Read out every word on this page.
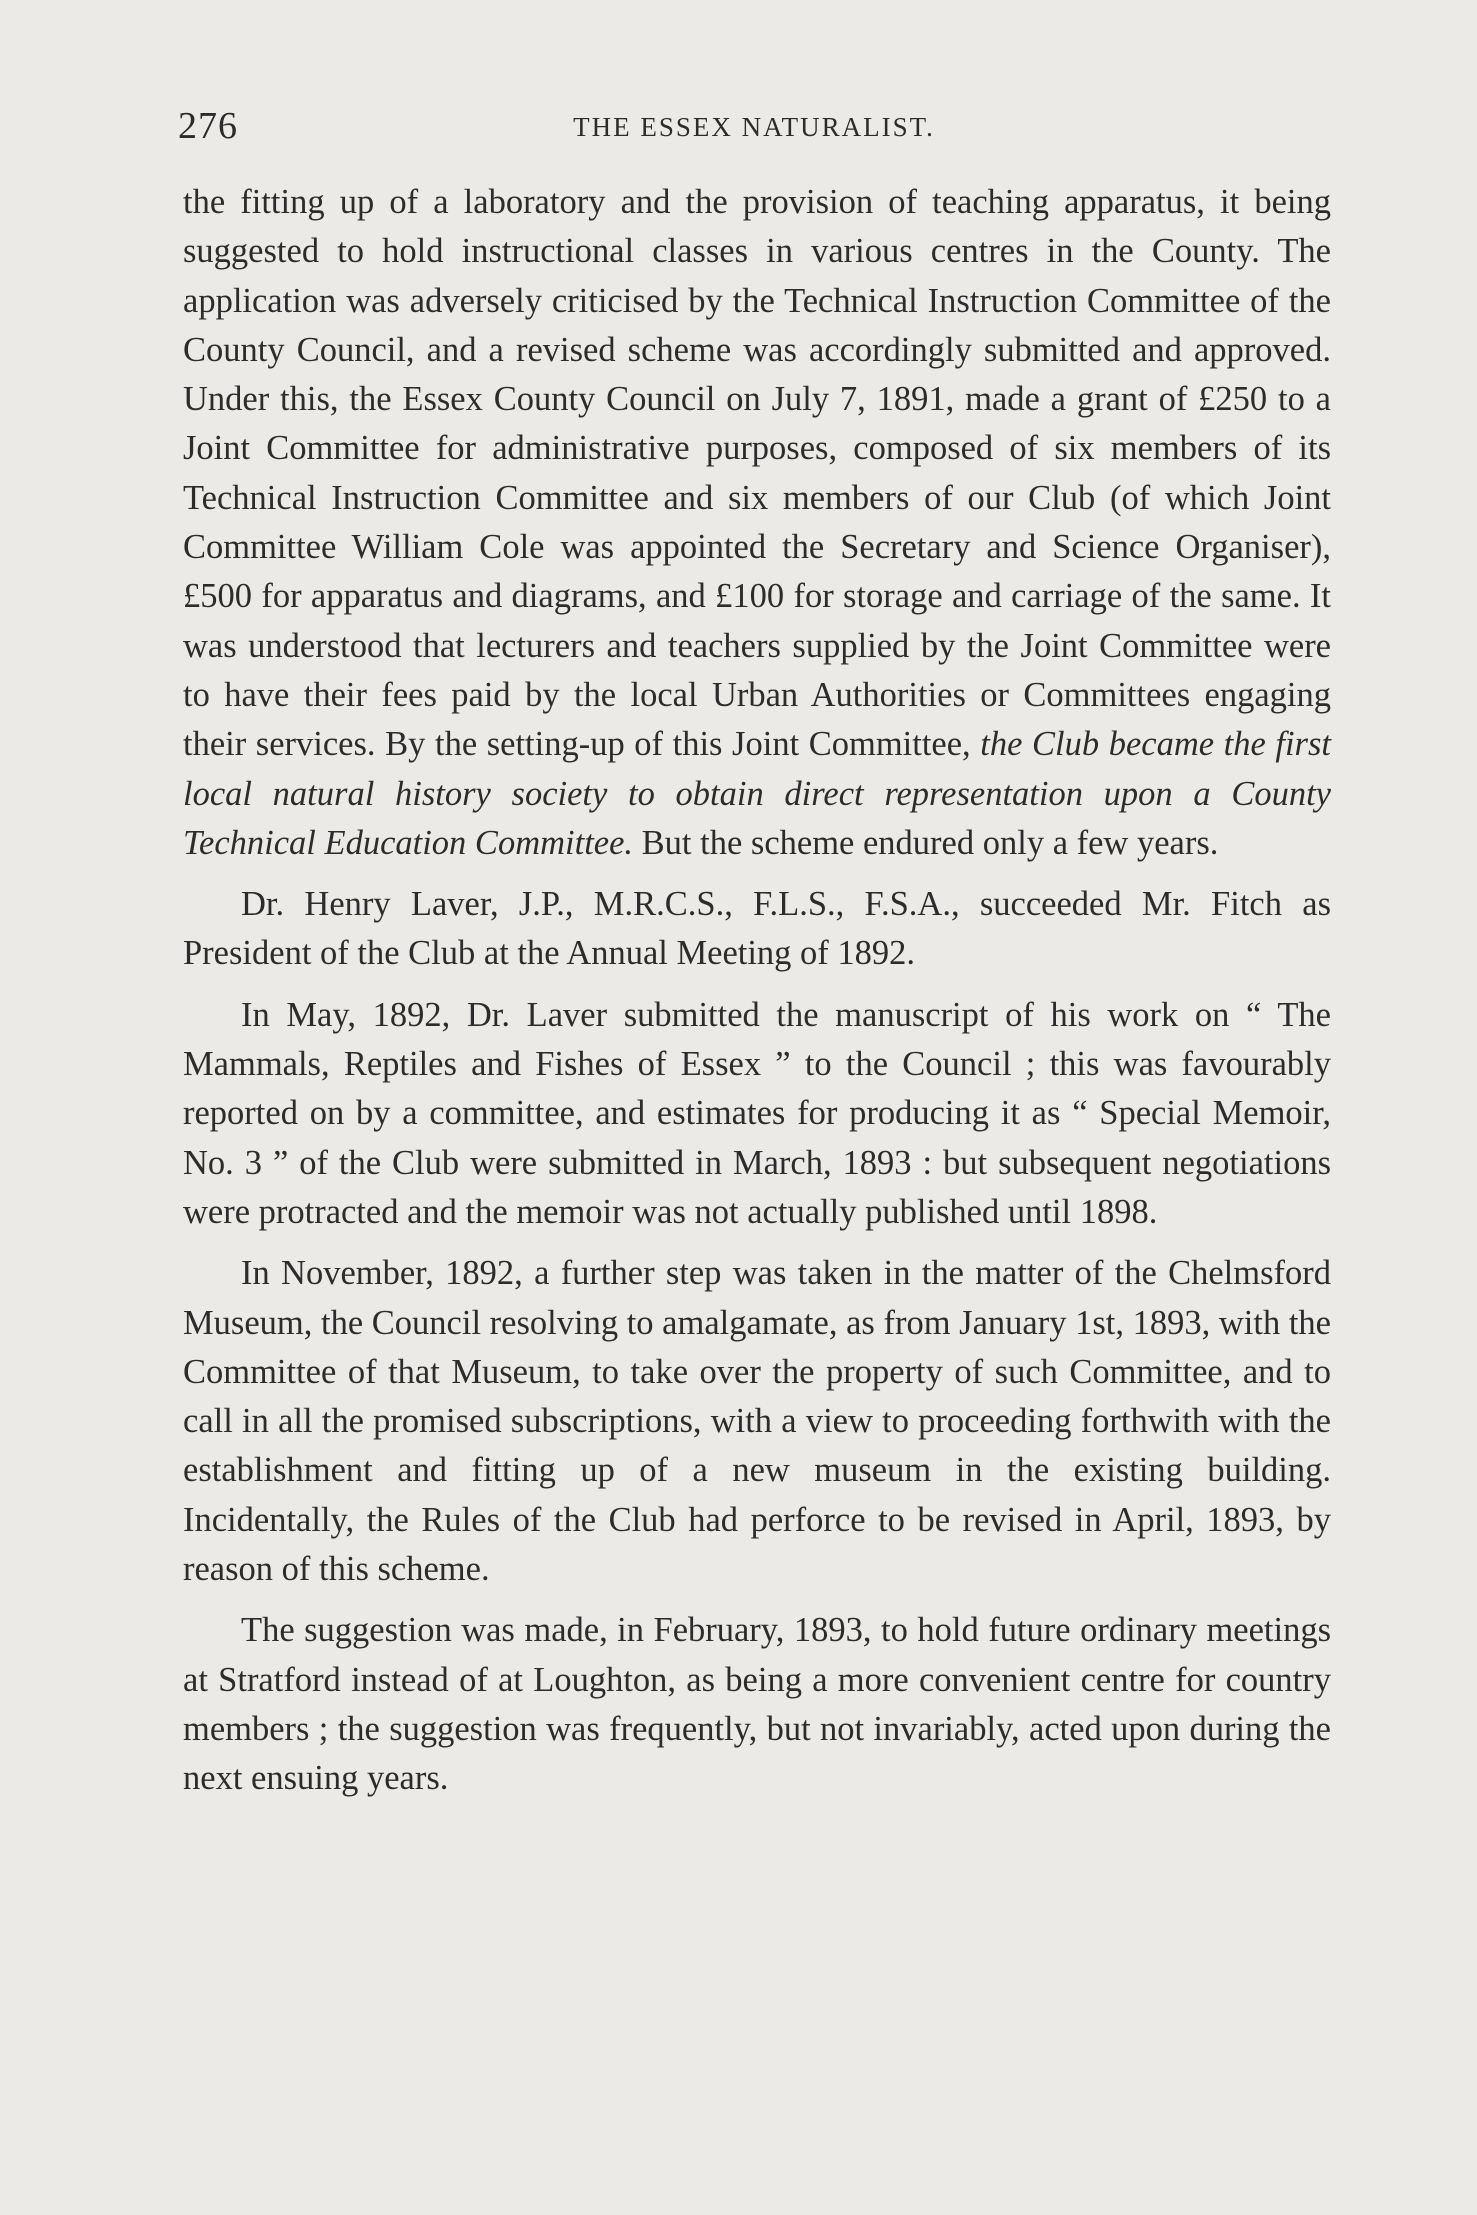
276	THE ESSEX NATURALIST.

the fitting up of a laboratory and the provision of teaching apparatus, it being suggested to hold instructional classes in various centres in the County. The application was adversely criticised by the Technical Instruction Committee of the County Council, and a revised scheme was accordingly submitted and approved. Under this, the Essex County Council on July 7, 1891, made a grant of £250 to a Joint Committee for administrative purposes, composed of six members of its Technical Instruction Committee and six members of our Club (of which Joint Committee William Cole was appointed the Secretary and Science Organiser), £500 for apparatus and diagrams, and £100 for storage and carriage of the same. It was understood that lecturers and teachers supplied by the Joint Committee were to have their fees paid by the local Urban Authorities or Committees engaging their services. By the setting-up of this Joint Committee, the Club became the first local natural history society to obtain direct representation upon a County Technical Education Committee. But the scheme endured only a few years.

Dr. Henry Laver, J.P., M.R.C.S., F.L.S., F.S.A., succeeded Mr. Fitch as President of the Club at the Annual Meeting of 1892.

In May, 1892, Dr. Laver submitted the manuscript of his work on “ The Mammals, Reptiles and Fishes of Essex ” to the Council ; this was favourably reported on by a committee, and estimates for producing it as “ Special Memoir, No. 3 ” of the Club were submitted in March, 1893 : but subsequent negotiations were protracted and the memoir was not actually published until 1898.

In November, 1892, a further step was taken in the matter of the Chelmsford Museum, the Council resolving to amalgamate, as from January 1st, 1893, with the Committee of that Museum, to take over the property of such Committee, and to call in all the promised subscriptions, with a view to proceeding forthwith with the establishment and fitting up of a new museum in the existing building. Incidentally, the Rules of the Club had perforce to be revised in April, 1893, by reason of this scheme.

The suggestion was made, in February, 1893, to hold future ordinary meetings at Stratford instead of at Loughton, as being a more convenient centre for country members ; the suggestion was frequently, but not invariably, acted upon during the next ensuing years.
